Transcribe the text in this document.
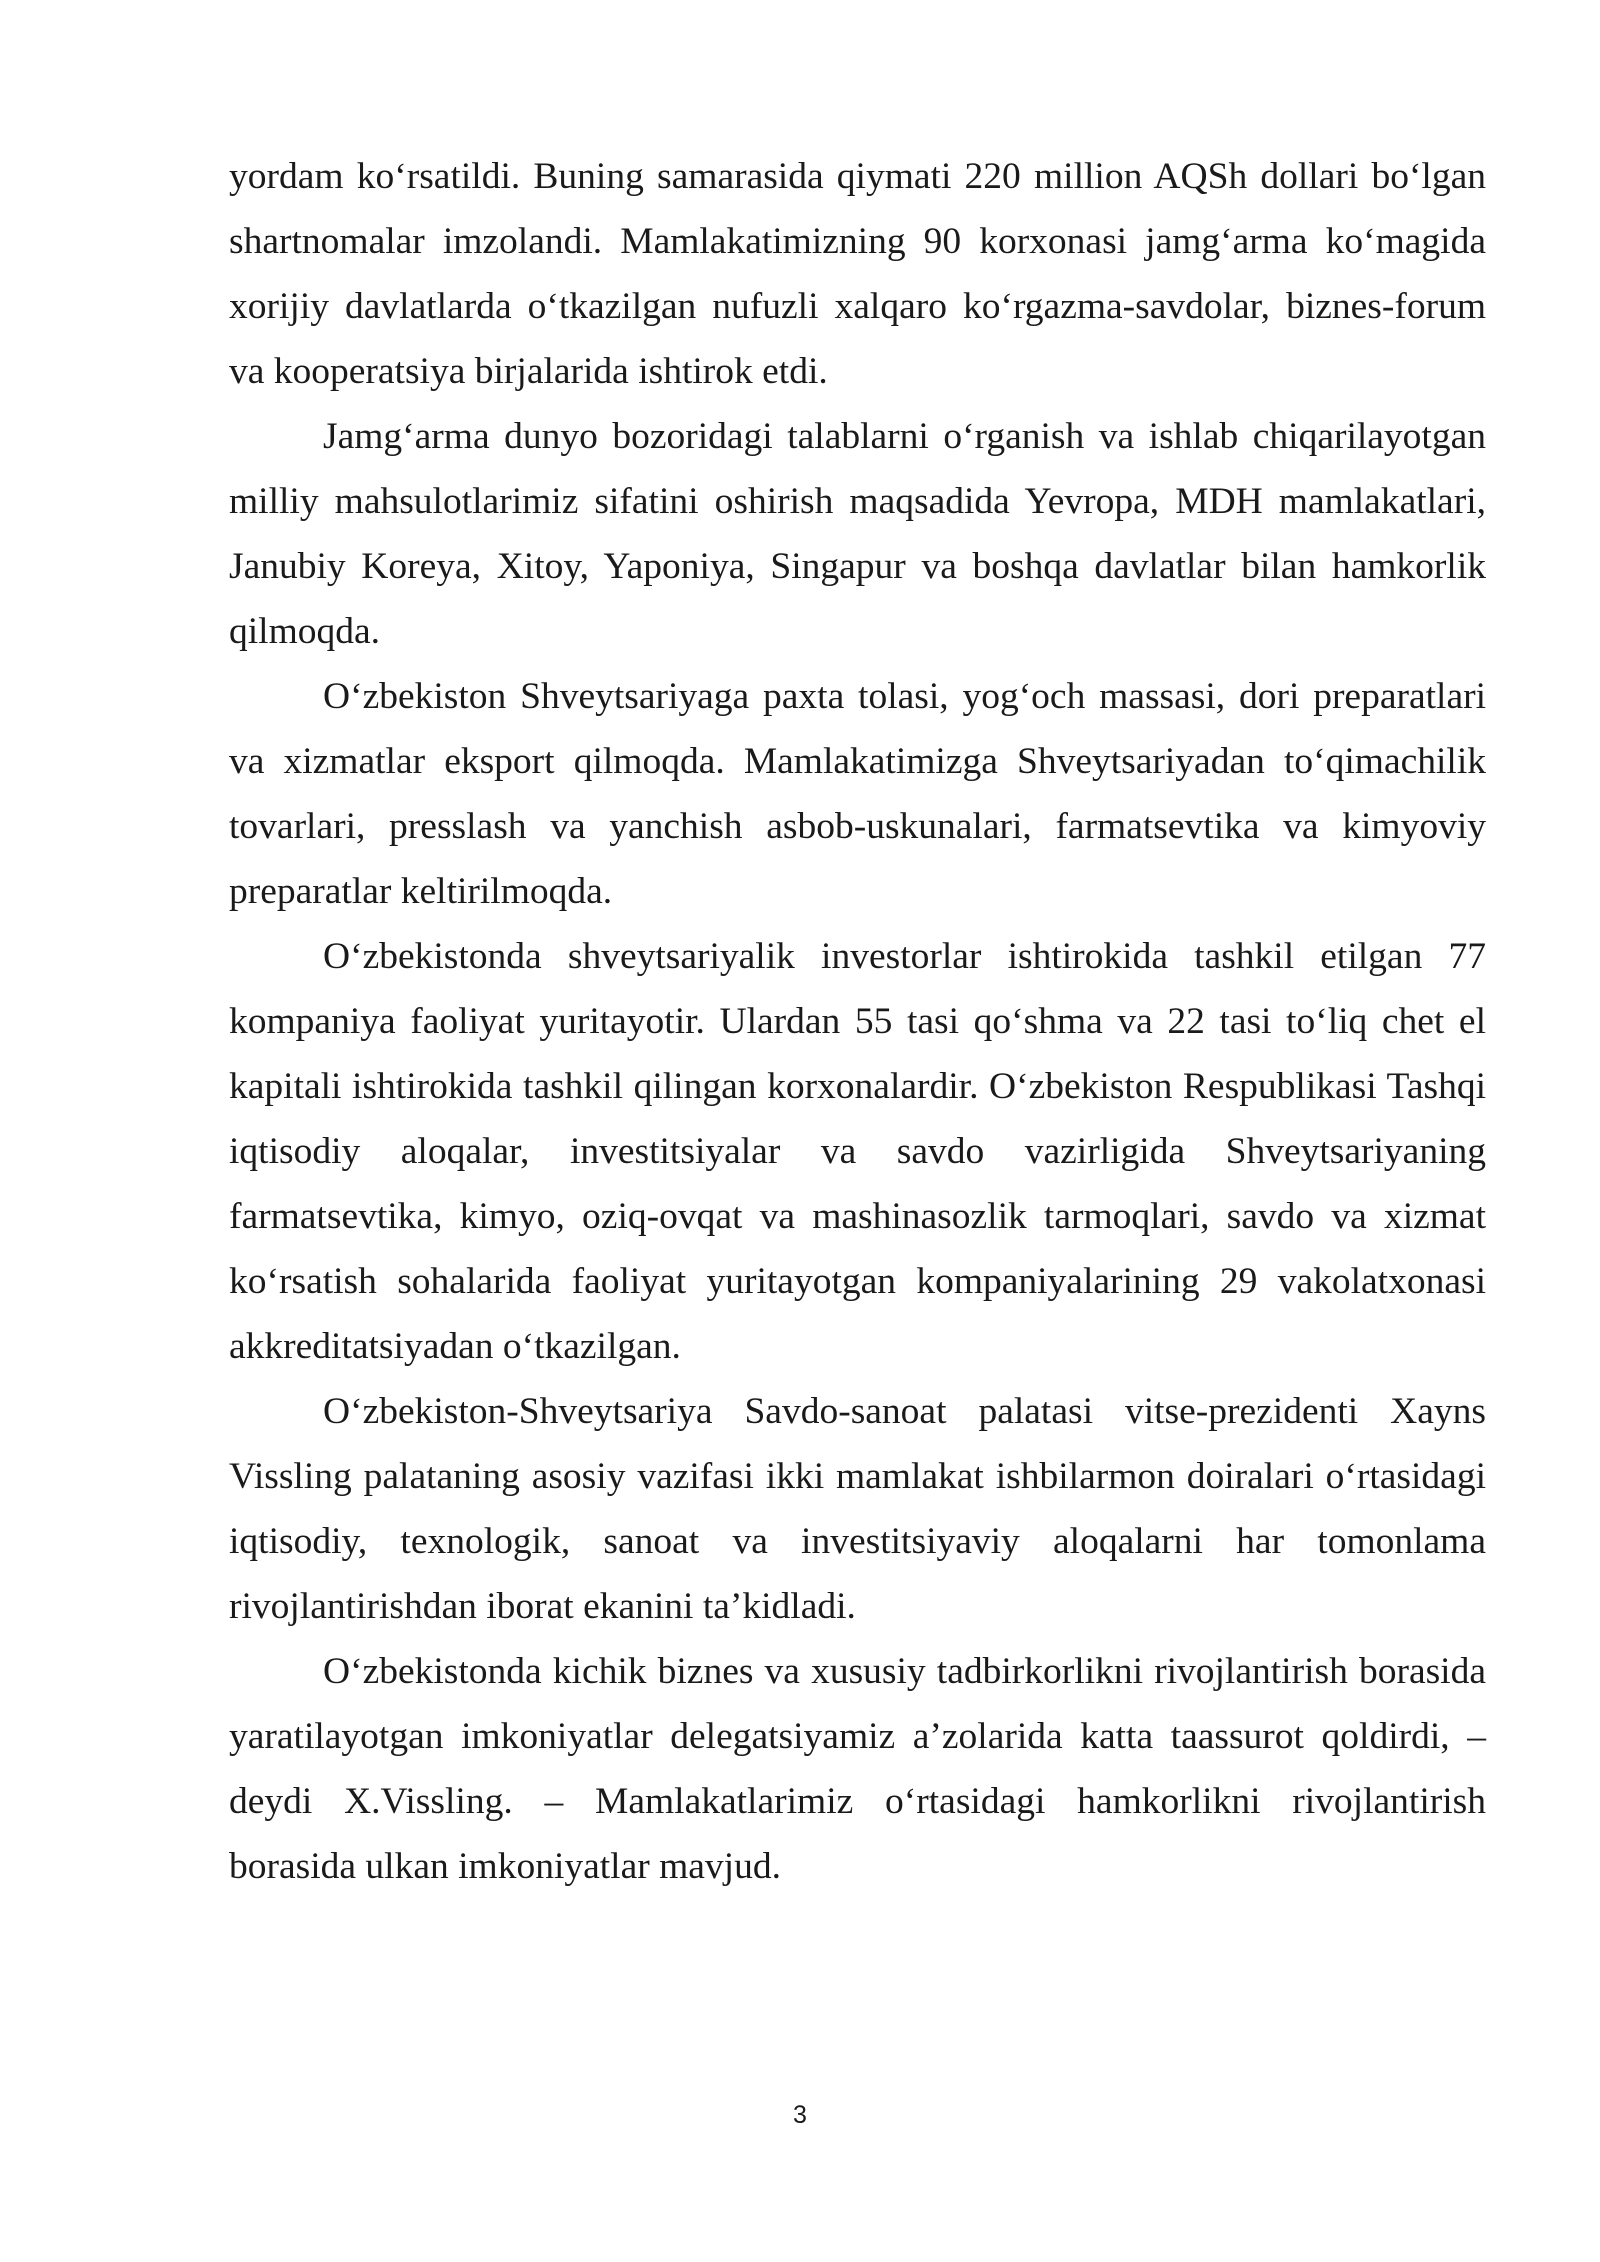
yordam ko‘rsatildi. Buning samarasida qiymati 220 million AQSh dollari bo‘lgan shartnomalar imzolandi. Mamlakatimizning 90 korxonasi jamg‘arma ko‘magida xorijiy davlatlarda o‘tkazilgan nufuzli xalqaro ko‘rgazma-savdolar, biznes-forum va kooperatsiya birjalarida ishtirok etdi.

Jamg‘arma dunyo bozoridagi talablarni o‘rganish va ishlab chiqarilayotgan milliy mahsulotlarimiz sifatini oshirish maqsadida Yevropa, MDH mamlakatlari, Janubiy Koreya, Xitoy, Yaponiya, Singapur va boshqa davlatlar bilan hamkorlik qilmoqda.

O‘zbekiston Shveytsariyaga paxta tolasi, yog‘och massasi, dori preparatlari va xizmatlar eksport qilmoqda. Mamlakatimizga Shveytsariyadan to‘qimachilik tovarlari, presslash va yanchish asbob-uskunalari, farmatsevtika va kimyoviy preparatlar keltirilmoqda.

O‘zbekistonda shveytsariyalik investorlar ishtirokida tashkil etilgan 77 kompaniya faoliyat yuritayotir. Ulardan 55 tasi qo‘shma va 22 tasi to‘liq chet el kapitali ishtirokida tashkil qilingan korxonalardir. O‘zbekiston Respublikasi Tashqi iqtisodiy aloqalar, investitsiyalar va savdo vazirligida Shveytsariyaning farmatsevtika, kimyo, oziq-ovqat va mashinasozlik tarmoqlari, savdo va xizmat ko‘rsatish sohalarida faoliyat yuritayotgan kompaniyalarining 29 vakolatxonasi akkreditatsiyadan o‘tkazilgan.

O‘zbekiston-Shveytsariya Savdo-sanoat palatasi vitse-prezidenti Xayns Vissling palataning asosiy vazifasi ikki mamlakat ishbilarmon doiralari o‘rtasidagi iqtisodiy, texnologik, sanoat va investitsiyaviy aloqalarni har tomonlama rivojlantirishdan iborat ekanini ta’kidladi.

O‘zbekistonda kichik biznes va xususiy tadbirkorlikni rivojlantirish borasida yaratilayotgan imkoniyatlar delegatsiyamiz a’zolarida katta taassurot qoldirdi, – deydi X.Vissling. – Mamlakatlarimiz o‘rtasidagi hamkorlikni rivojlantirish borasida ulkan imkoniyatlar mavjud.

3
